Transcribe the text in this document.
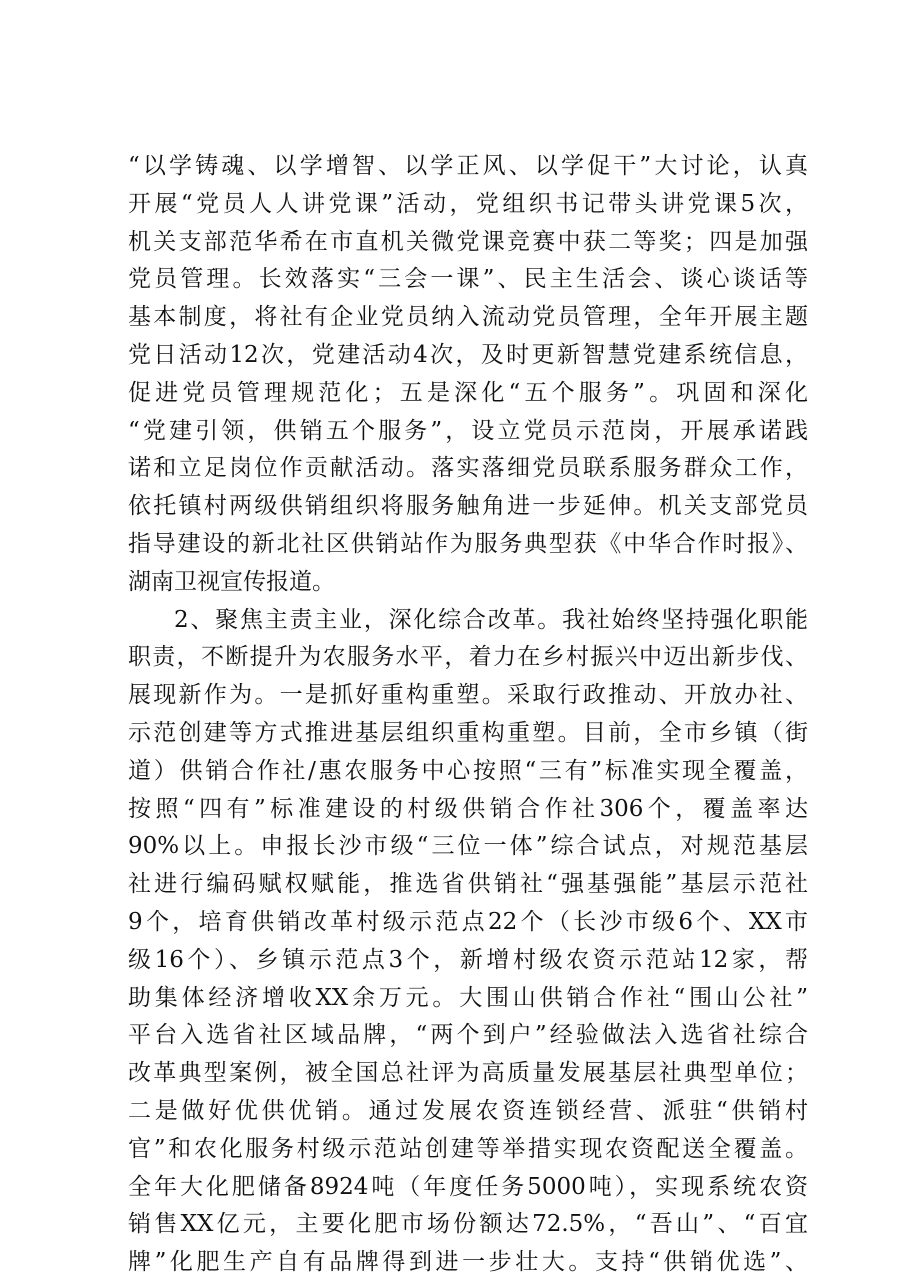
“以学铸魂、以学增智、以学正风、以学促干”大讨论，认真
开展“党员人人讲党课”活动，党组织书记带头讲党课5次，
机关支部范华希在市直机关微党课竞赛中获二等奖；四是加强
党员管理。长效落实“三会一课”、民主生活会、谈心谈话等
基本制度，将社有企业党员纳入流动党员管理，全年开展主题
党日活动12次，党建活动4次，及时更新智慧党建系统信息，
促进党员管理规范化；五是深化“五个服务”。巩固和深化
“党建引领，供销五个服务”，设立党员示范岗，开展承诺践
诺和立足岗位作贡献活动。落实落细党员联系服务群众工作，
依托镇村两级供销组织将服务触角进一步延伸。机关支部党员
指导建设的新北社区供销站作为服务典型获《中华合作时报》、
湖南卫视宣传报道。
2、聚焦主责主业，深化综合改革。我社始终坚持强化职能
职责，不断提升为农服务水平，着力在乡村振兴中迈出新步伐、
展现新作为。一是抓好重构重塑。采取行政推动、开放办社、
示范创建等方式推进基层组织重构重塑。目前，全市乡镇（街
道）供销合作社/惠农服务中心按照“三有”标准实现全覆盖，
按照“四有”标准建设的村级供销合作社306个，覆盖率达
90%以上。申报长沙市级“三位一体”综合试点，对规范基层
社进行编码赋权赋能，推选省供销社“强基强能”基层示范社
9个，培育供销改革村级示范点22个（长沙市级6个、XX市
级16个）、乡镇示范点3个，新增村级农资示范站12家，帮
助集体经济增收XX余万元。大围山供销合作社“围山公社”
平台入选省社区域品牌，“两个到户”经验做法入选省社综合
改革典型案例，被全国总社评为高质量发展基层社典型单位；
二是做好优供优销。通过发展农资连锁经营、派驻“供销村
官”和农化服务村级示范站创建等举措实现农资配送全覆盖。
全年大化肥储备8924吨（年度任务5000吨），实现系统农资
销售XX亿元，主要化肥市场份额达72.5%，“吾山”、“百宜
牌”化肥生产自有品牌得到进一步壮大。支持“供销优选”、
